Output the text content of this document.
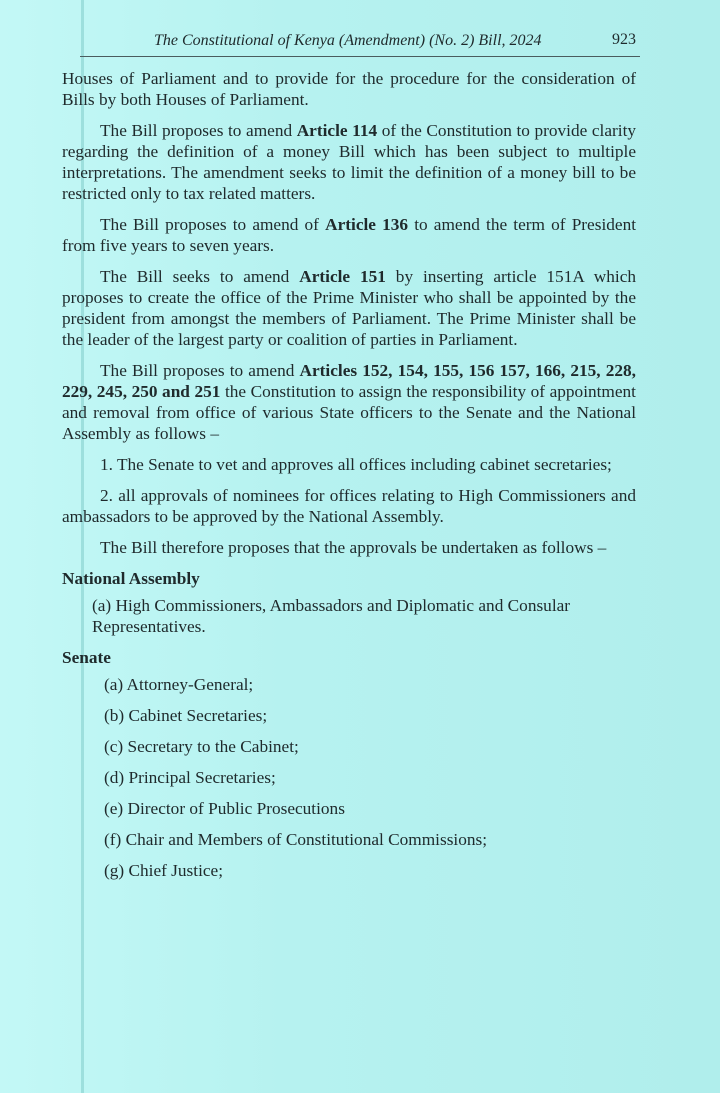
The Constitutional of Kenya (Amendment) (No. 2) Bill, 2024	923

Houses of Parliament and to provide for the procedure for the consideration of Bills by both Houses of Parliament.

The Bill proposes to amend Article 114 of the Constitution to provide clarity regarding the definition of a money Bill which has been subject to multiple interpretations. The amendment seeks to limit the definition of a money bill to be restricted only to tax related matters.

The Bill proposes to amend of Article 136 to amend the term of President from five years to seven years.

The Bill seeks to amend Article 151 by inserting article 151A which proposes to create the office of the Prime Minister who shall be appointed by the president from amongst the members of Parliament. The Prime Minister shall be the leader of the largest party or coalition of parties in Parliament.

The Bill proposes to amend Articles 152, 154, 155, 156 157, 166, 215, 228, 229, 245, 250 and 251 the Constitution to assign the responsibility of appointment and removal from office of various State officers to the Senate and the National Assembly as follows –

1. The Senate to vet and approves all offices including cabinet secretaries;

2. all approvals of nominees for offices relating to High Commissioners and ambassadors to be approved by the National Assembly.

The Bill therefore proposes that the approvals be undertaken as follows –

National Assembly
(a) High Commissioners, Ambassadors and Diplomatic and Consular Representatives.
Senate
(a) Attorney-General;
(b) Cabinet Secretaries;
(c) Secretary to the Cabinet;
(d) Principal Secretaries;
(e) Director of Public Prosecutions
(f) Chair and Members of Constitutional Commissions;
(g) Chief Justice;
